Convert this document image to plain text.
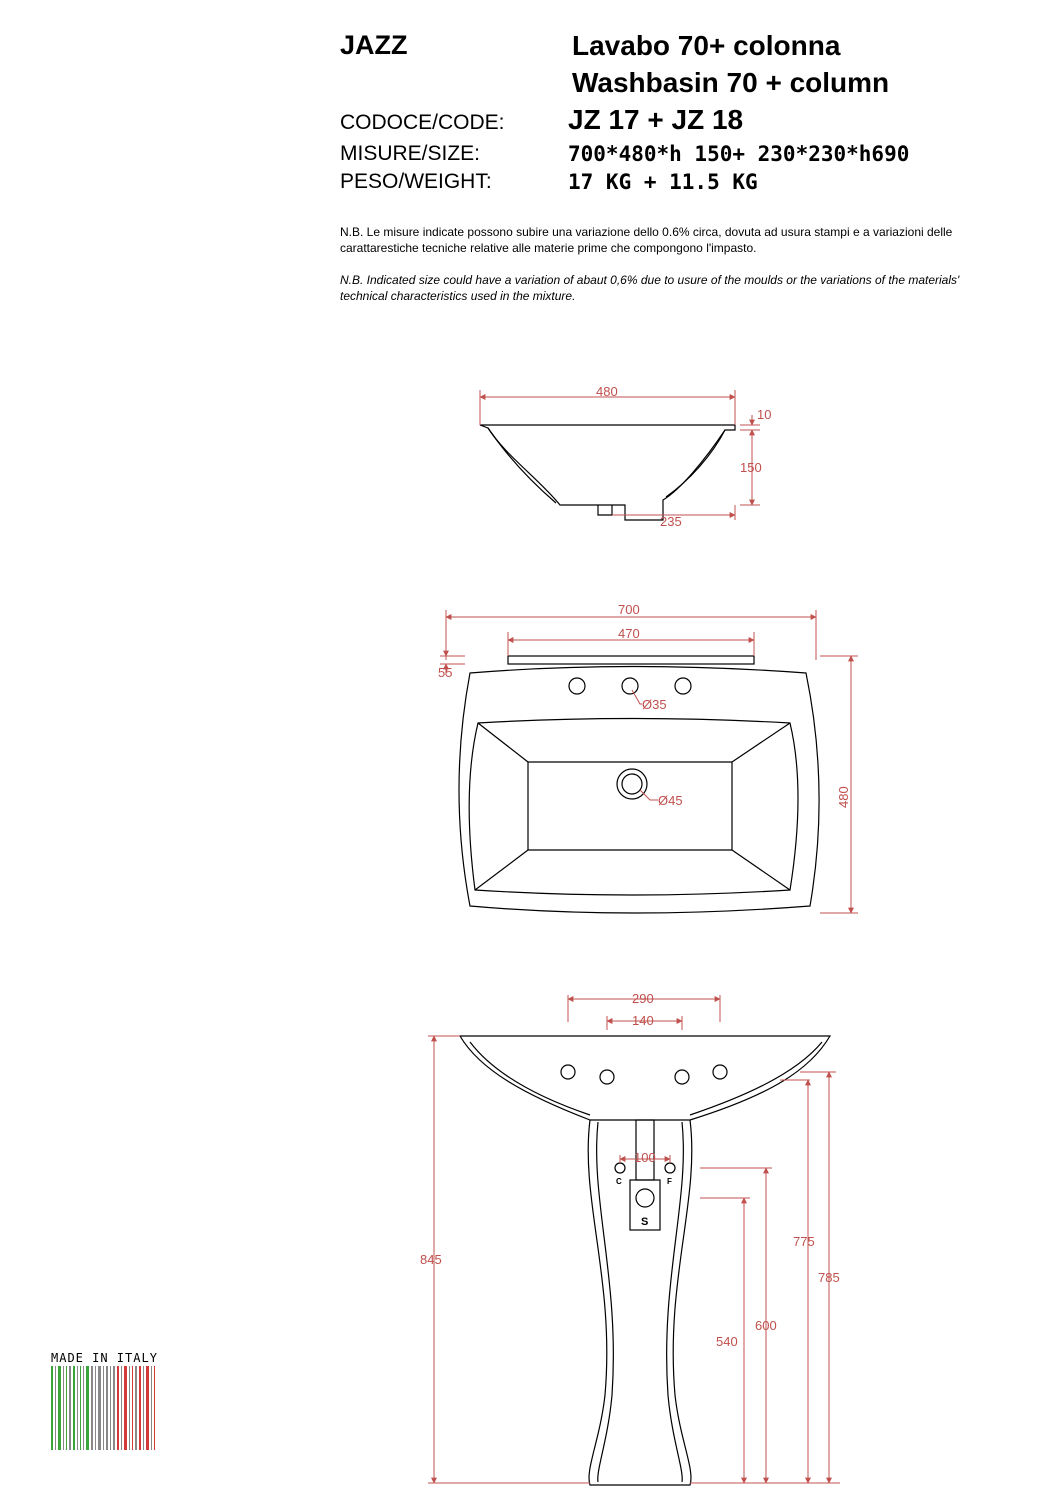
JAZZ	Lavabo 70+ colonna
Washbasin 70 + column
CODOCE/CODE: JZ 17 + JZ 18
MISURE/SIZE:	700*480*h 150+ 230*230*h690
PESO/WEIGHT:	17 KG + 11.5 KG
N.B. Le misure indicate possono subire una variazione dello 0.6% circa, dovuta ad usura stampi e a variazioni delle carattarestiche tecniche relative alle materie prime che compongono l'impasto.
N.B. Indicated size could have a variation of abaut 0,6% due to usure of the moulds or the variations of the materials' technical characteristics used in the mixture.
480
10
150
235
700
470
55
Ø35
Ø45	480
290
140
100
C	F
S
845
775
785
600
540
MADE IN ITALY
